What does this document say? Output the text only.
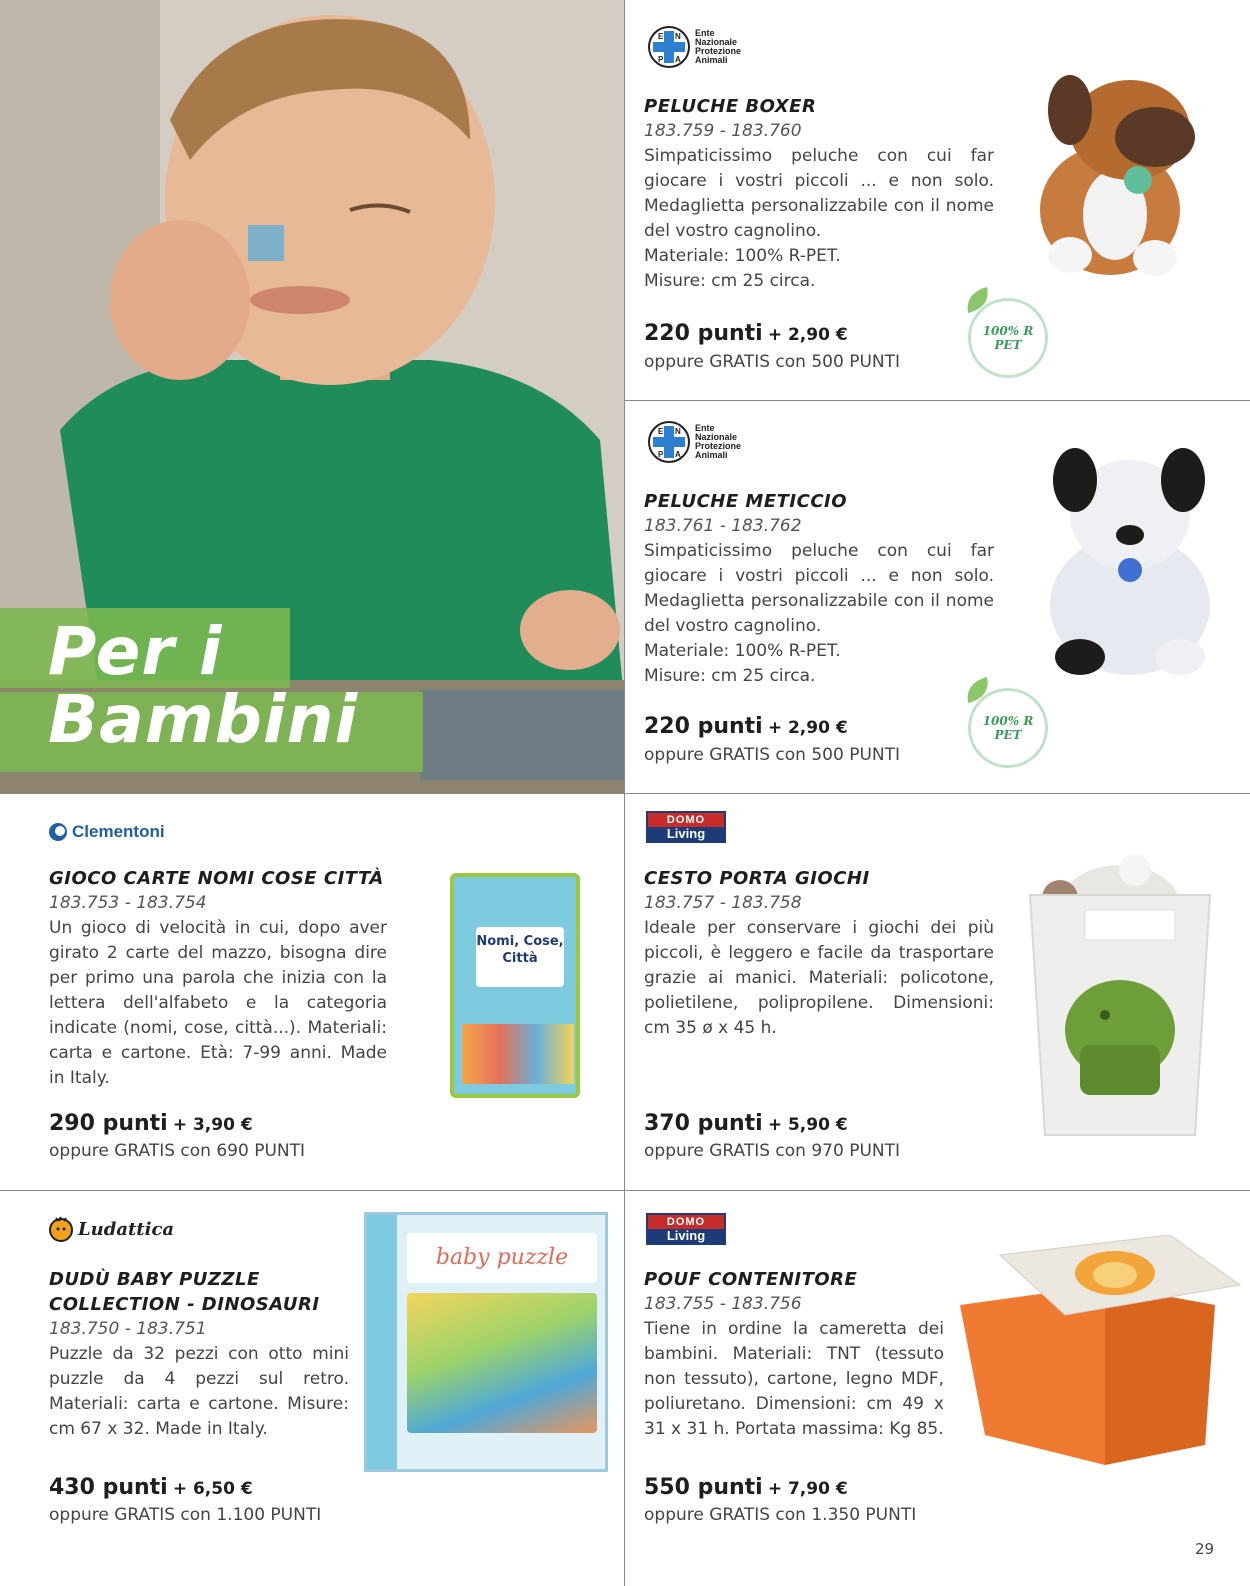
Per i
Bambini
E N
P A
Ente
Nazionale
Protezione
Animali
PELUCHE BOXER
183.759 - 183.760
Simpaticissimo peluche con cui far giocare i vostri piccoli ... e non solo. Medaglietta personalizzabile con il nome del vostro cagnolino.
Materiale: 100% R-PET.
Misure: cm 25 circa.
220 punti + 2,90 €
oppure GRATIS con 500 PUNTI
100% R PET
E N
P A
Ente
Nazionale
Protezione
Animali
PELUCHE METICCIO
183.761 - 183.762
Simpaticissimo peluche con cui far giocare i vostri piccoli ... e non solo. Medaglietta personalizzabile con il nome del vostro cagnolino.
Materiale: 100% R-PET.
Misure: cm 25 circa.
220 punti + 2,90 €
oppure GRATIS con 500 PUNTI
100% R PET
Clementoni
GIOCO CARTE NOMI COSE CITTÀ
183.753 - 183.754
Un gioco di velocità in cui, dopo aver girato 2 carte del mazzo, bisogna dire per primo una parola che inizia con la lettera dell'alfabeto e la categoria indicate (nomi, cose, città...). Materiali: carta e cartone. Età: 7-99 anni. Made in Italy.
290 punti + 3,90 €
oppure GRATIS con 690 PUNTI
Nomi, Cose, Città
DOMO
Living
CESTO PORTA GIOCHI
183.757 - 183.758
Ideale per conservare i giochi dei più piccoli, è leggero e facile da trasportare grazie ai manici. Materiali: policotone, polietilene, polipropilene. Dimensioni: cm 35 ø x 45 h.
370 punti + 5,90 €
oppure GRATIS con 970 PUNTI
Ludattica
DUDÙ BABY PUZZLE
COLLECTION - DINOSAURI
183.750 - 183.751
Puzzle da 32 pezzi con otto mini puzzle da 4 pezzi sul retro. Materiali: carta e cartone. Misure: cm 67 x 32. Made in Italy.
430 punti + 6,50 €
oppure GRATIS con 1.100 PUNTI
baby puzzle
DOMO
Living
POUF CONTENITORE
183.755 - 183.756
Tiene in ordine la cameretta dei bambini. Materiali: TNT (tessuto non tessuto), cartone, legno MDF, poliuretano. Dimensioni: cm 49 x 31 x 31 h. Portata massima: Kg 85.
550 punti + 7,90 €
oppure GRATIS con 1.350 PUNTI
29
